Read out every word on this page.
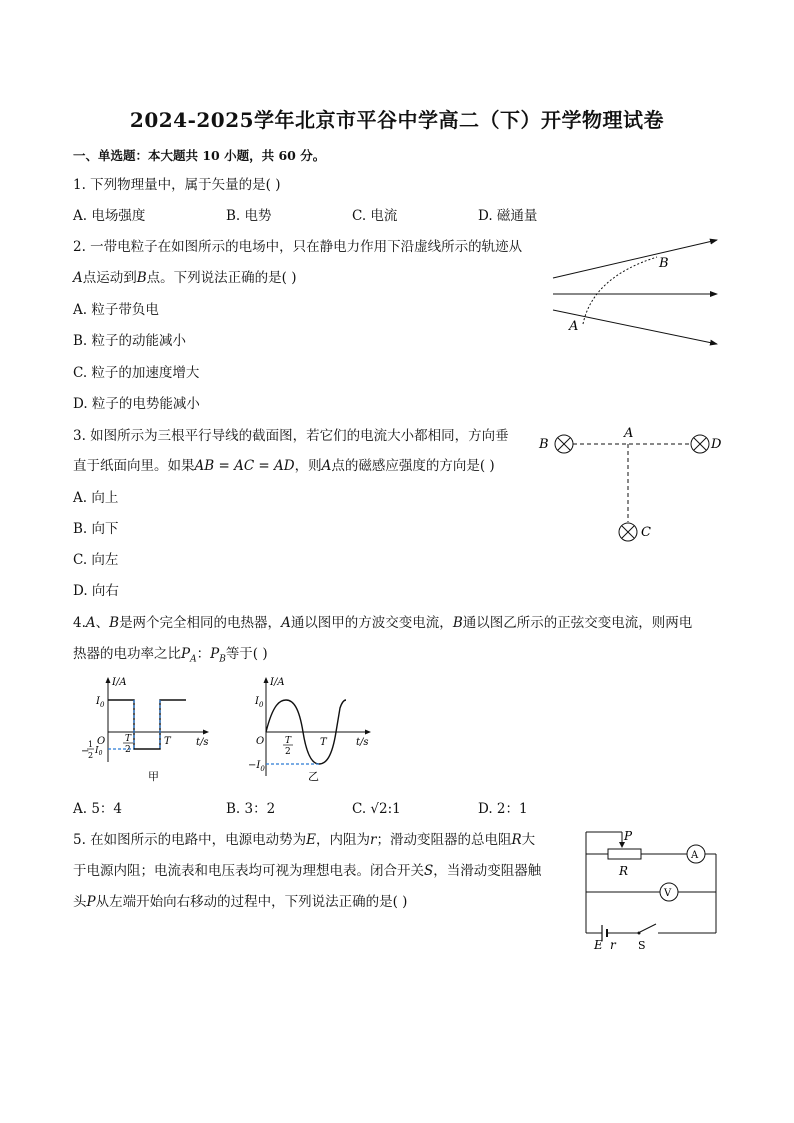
2024-2025学年北京市平谷中学高二（下）开学物理试卷
一、单选题：本大题共 10 小题，共 60 分。
1. 下列物理量中，属于矢量的是( )
A. 电场强度	B. 电势	C. 电流	D. 磁通量
2. 一带电粒子在如图所示的电场中，只在静电力作用下沿虚线所示的轨迹从
A点运动到B点。下列说法正确的是( )
A. 粒子带负电
B. 粒子的动能减小
C. 粒子的加速度增大
D. 粒子的电势能减小
A
B
3. 如图所示为三根平行导线的截面图，若它们的电流大小都相同，方向垂
直于纸面向里。如果AB = AC = AD，则A点的磁感应强度的方向是( )
A. 向上
B. 向下
C. 向左
D. 向右
B
A
D
C
4.A、B是两个完全相同的电热器，A通以图甲的方波交变电流，B通以图乙所示的正弦交变电流，则两电
热器的电功率之比$P_A$：$P_B$等于( )
I/A
t/s
O
$I_0$
−
1
2 $I_0$
T
2
T
甲
I/A
t/s
O
$I_0$
$-I_0$
T
2
T
乙
A. 5：4	B. 3：2	C. √2:1	D. 2：1
5. 在如图所示的电路中，电源电动势为E，内阻为r；滑动变阻器的总电阻R大
于电源内阻；电流表和电压表均可视为理想电表。闭合开关S，当滑动变阻器触
头P从左端开始向右移动的过程中，下列说法正确的是( )
A
P
R
V
E r S
